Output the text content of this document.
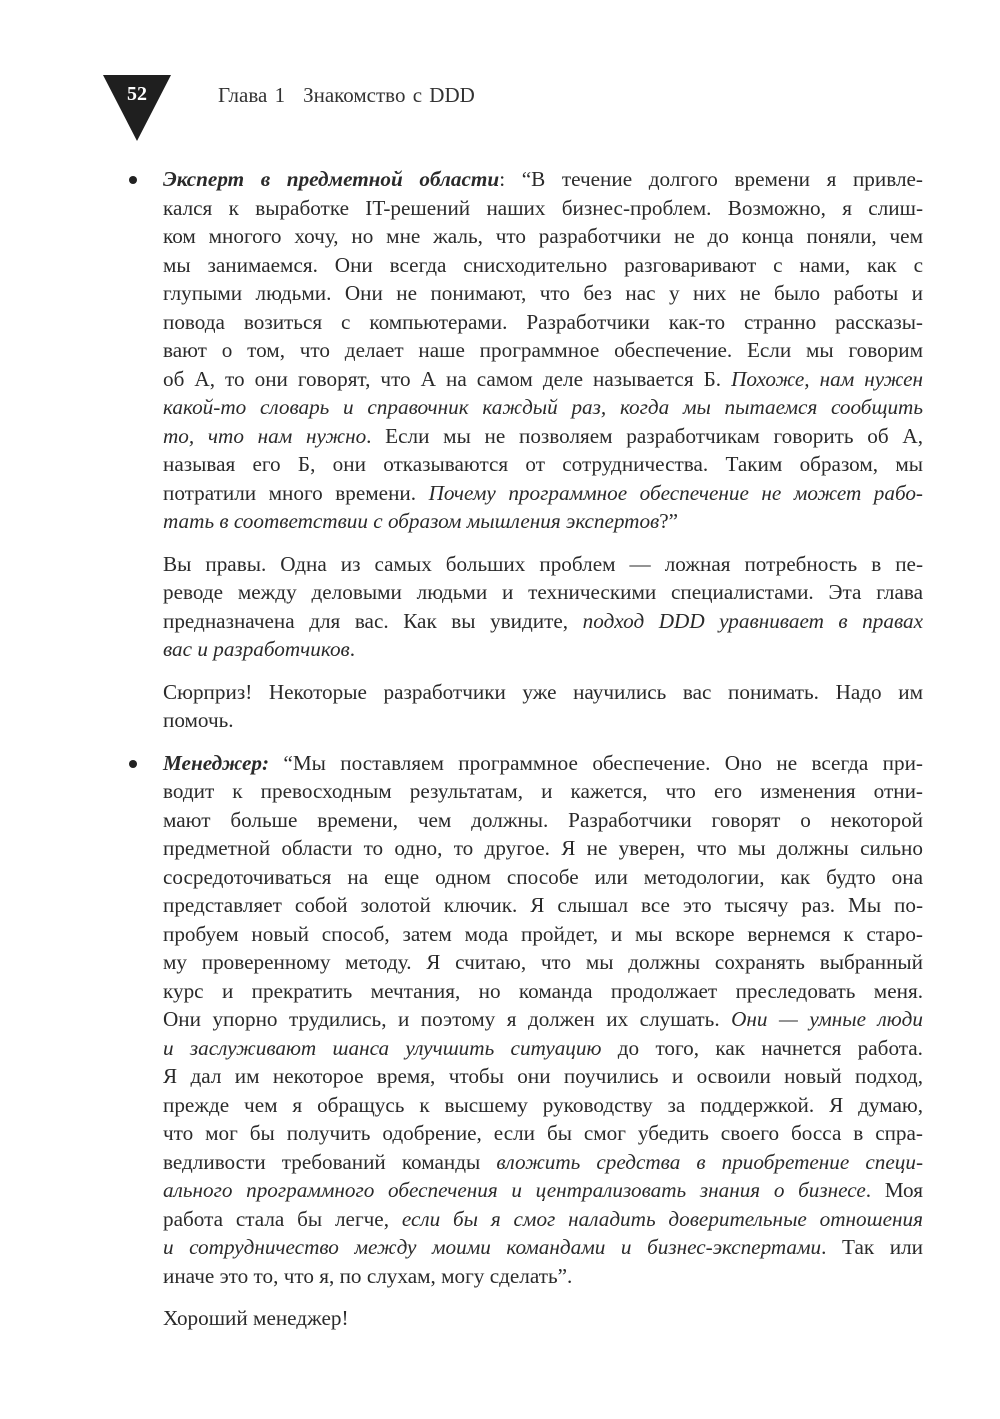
52	Глава 1 Знакомство с DDD
Эксперт в предметной области: “В течение долгого времени я привле-
кался к выработке IT-решений наших бизнес-проблем. Возможно, я слиш-
ком многого хочу, но мне жаль, что разработчики не до конца поняли, чем
мы занимаемся. Они всегда снисходительно разговаривают с нами, как с
глупыми людьми. Они не понимают, что без нас у них не было работы и
повода возиться с компьютерами. Разработчики как-то странно рассказы-
вают о том, что делает наше программное обеспечение. Если мы говорим
об А, то они говорят, что А на самом деле называется Б. Похоже, нам нужен
какой-то словарь и справочник каждый раз, когда мы пытаемся сообщить
то, что нам нужно. Если мы не позволяем разработчикам говорить об А,
называя его Б, они отказываются от сотрудничества. Таким образом, мы
потратили много времени. Почему программное обеспечение не может рабо-
тать в соответствии с образом мышления экспертов?”
Вы правы. Одна из самых больших проблем — ложная потребность в пе-
реводе между деловыми людьми и техническими специалистами. Эта глава
предназначена для вас. Как вы увидите, подход DDD уравнивает в правах
вас и разработчиков.
Сюрприз! Некоторые разработчики уже научились вас понимать. Надо им
помочь.
Менеджер: “Мы поставляем программное обеспечение. Оно не всегда при-
водит к превосходным результатам, и кажется, что его изменения отни-
мают больше времени, чем должны. Разработчики говорят о некоторой
предметной области то одно, то другое. Я не уверен, что мы должны сильно
сосредоточиваться на еще одном способе или методологии, как будто она
представляет собой золотой ключик. Я слышал все это тысячу раз. Мы по-
пробуем новый способ, затем мода пройдет, и мы вскоре вернемся к старо-
му проверенному методу. Я считаю, что мы должны сохранять выбранный
курс и прекратить мечтания, но команда продолжает преследовать меня.
Они упорно трудились, и поэтому я должен их слушать. Они — умные люди
и заслуживают шанса улучшить ситуацию до того, как начнется работа.
Я дал им некоторое время, чтобы они поучились и освоили новый подход,
прежде чем я обращусь к высшему руководству за поддержкой. Я думаю,
что мог бы получить одобрение, если бы смог убедить своего босса в спра-
ведливости требований команды вложить средства в приобретение специ-
ального программного обеспечения и централизовать знания о бизнесе. Моя
работа стала бы легче, если бы я смог наладить доверительные отношения
и сотрудничество между моими командами и бизнес-экспертами. Так или
иначе это то, что я, по слухам, могу сделать”.
Хороший менеджер!
